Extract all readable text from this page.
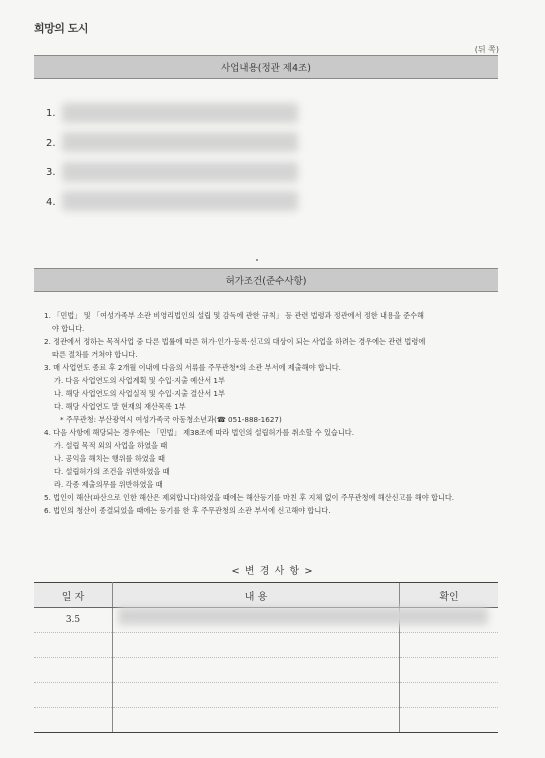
희망의 도시
(뒤 쪽)
사업내용(정관 제4조)
1.
2.
3.
4.
허가조건(준수사항)

1. 「민법」 및 「여성가족부 소관 비영리법인의 설립 및 감독에 관한 규칙」 등 관련 법령과 정관에서 정한 내용을 준수해

야 합니다.

2. 정관에서 정하는 목적사업 중 다른 법률에 따른 허가·인가·등록·신고의 대상이 되는 사업을 하려는 경우에는 관련 법령에

따른 절차를 거쳐야 합니다.

3. 매 사업연도 종료 후 2개월 이내에 다음의 서류를 주무관청*의 소관 부서에 제출해야 합니다.

가. 다음 사업연도의 사업계획 및 수입·지출 예산서 1부

나. 해당 사업연도의 사업실적 및 수입·지출 결산서 1부

다. 해당 사업연도 말 현재의 재산목록 1부

* 주무관청: 부산광역시 여성가족국 아동청소년과(☎ 051-888-1627)

4. 다음 사항에 해당되는 경우에는 「민법」 제38조에 따라 법인의 설립허가를 취소할 수 있습니다.

가. 설립 목적 외의 사업을 하였을 때

나. 공익을 해치는 행위를 하였을 때

다. 설립허가의 조건을 위반하였을 때

라. 각종 제출의무를 위반하였을 때

5. 법인이 해산(파산으로 인한 해산은 제외합니다)하였을 때에는 해산등기를 마친 후 지체 없이 주무관청에 해산신고를 해야 합니다.

6. 법인의 청산이 종결되었을 때에는 등기를 한 후 주무관청의 소관 부서에 신고해야 합니다.

< 변 경 사 항 >
일 자	내 용	확인
3.5		
